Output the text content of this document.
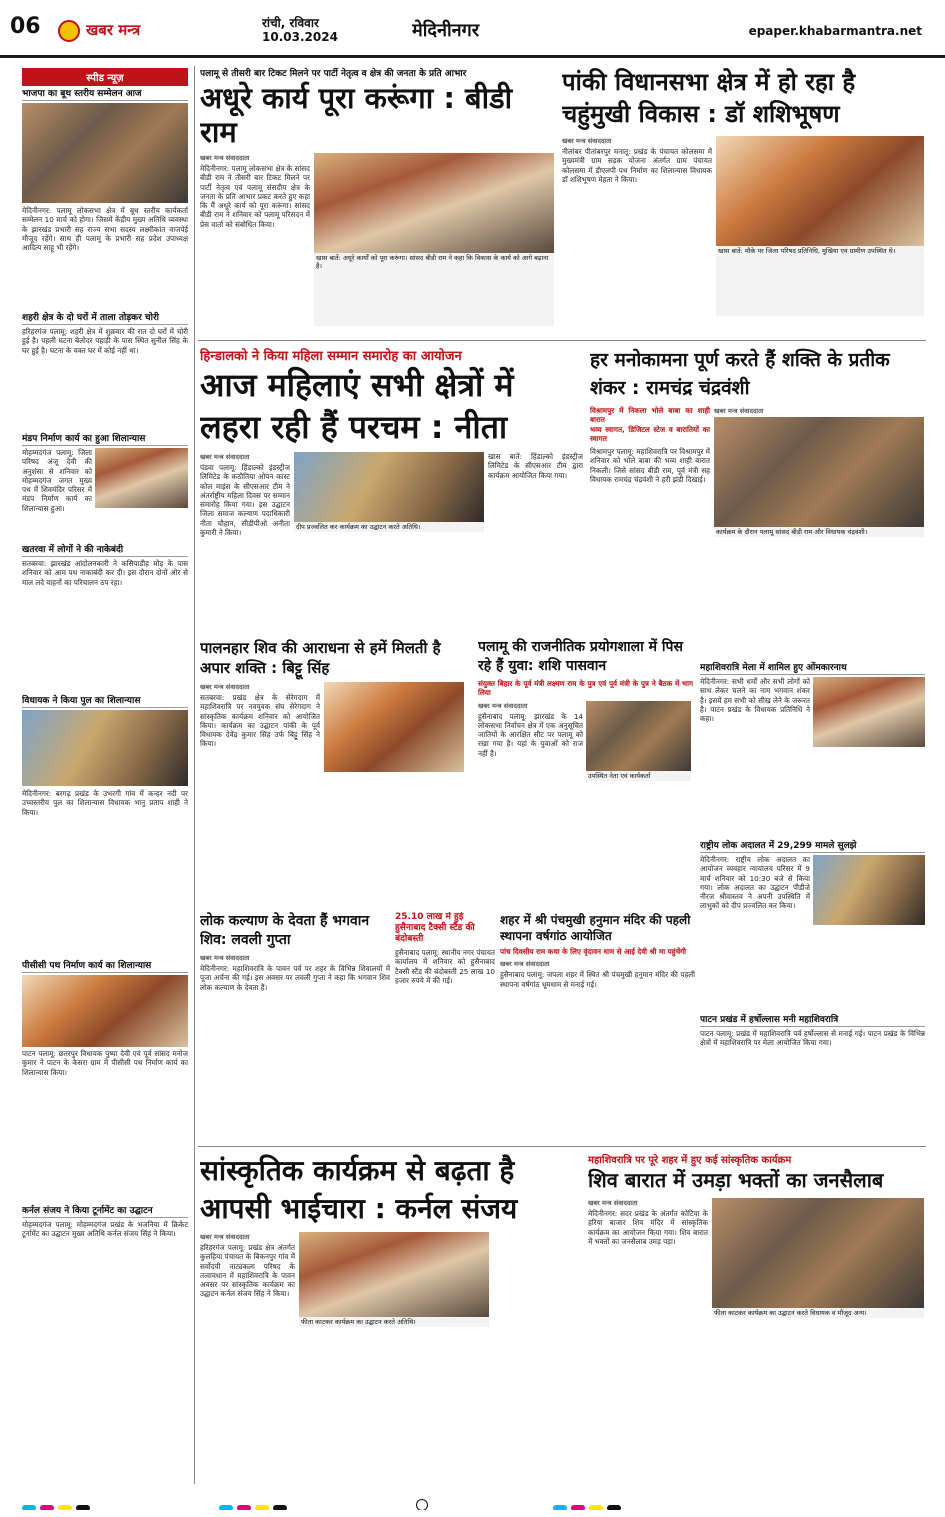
06	खबर मन्त्र	रांची, रविवार
10.03.2024	मेदिनीनगर	epaper.khabarmantra.net
स्पीड न्यूज़
भाजपा का बूथ स्तरीय सम्मेलन आज
मेदिनीनगर: पलामू लोकसभा क्षेत्र में बूथ स्तरीय कार्यकर्ता सम्मेलन 10 मार्च को होगा। जिसमें केंद्रीय मुख्य अतिथि व्यवस्था के झारखंड प्रभारी सह राज्य सभा सदस्य लक्ष्मीकांत वाजपेई मौजूद रहेंगे। साथ ही पलामू के प्रभारी सह प्रदेश उपाध्यक्ष आदित्य साहू भी रहेंगे।
शहरी क्षेत्र के दो घरों में ताला तोड़कर चोरी
हरिहरगंज पलामू: शहरी क्षेत्र में शुक्रवार की रात दो घरों में चोरी हुई है। पहली घटना बेलोदर पहाड़ी के पास स्थित सुनील सिंह के घर हुई है। घटना के वक्त घर में कोई नहीं था।
मंडप निर्माण कार्य का हुआ शिलान्यास
मोहम्मदगंज पलामू: जिला परिषद अंजू देवी की अनुशंसा से शनिवार को मोहम्मदगंज जगत मुख्य पथ में शिवमंदिर परिसर में मंडप निर्माण कार्य का शिलान्यास हुआ।
खतरवा में लोगों ने की नाकेबंदी
सतबरवा: झारखंड आंदोलनकारी ने कसियाडीह मोड़ के पास शनिवार को आम पथ नाकाबंदी कर दी। इस दौरान दोनों ओर से माल लदे वाहनों का परिचालन ठप रहा।
विधायक ने किया पुल का शिलान्यास
मेदिनीनगर: बरगढ़ प्रखंड के उभरगी गांव में कन्हर नदी पर उच्चस्तरीय पुल का शिलान्यास विधायक भानु प्रताप शाही ने किया।
पीसीसी पथ निर्माण कार्य का शिलान्यास
पाटन पलामू: छतरपुर विधायक पुष्पा देवी एवं पूर्व सांसद मनोज कुमार ने पाटन के केसरा ग्राम में पीसीसी पथ निर्माण कार्य का शिलान्यास किया।
कर्नल संजय ने किया टूर्नामेंट का उद्घाटन
मोहम्मदगंज पलामू: मोहम्मदगंज प्रखंड के भजनिया में क्रिकेट टूर्नामेंट का उद्घाटन मुख्य अतिथि कर्नल संजय सिंह ने किया।
पलामू से तीसरी बार टिकट मिलने पर पार्टी नेतृत्व व क्षेत्र की जनता के प्रति आभार
अधूरे कार्य पूरा करूंगा : बीडी राम
खबर मन्त्र संवाददाता
मेदिनीनगर: पलामू लोकसभा क्षेत्र के सांसद बीडी राम ने तीसरी बार टिकट मिलने पर पार्टी नेतृत्व एवं पलामू संसदीय क्षेत्र के जनता के प्रति आभार प्रकट करते हुए कहा कि मैं अधूरे कार्य को पूरा करूंगा। सांसद बीडी राम ने शनिवार को पलामू परिसदन में प्रेस वार्ता को संबोधित किया।
खास बातें: अधूरे कार्यों को पूरा करूंगा। सांसद बीडी राम ने कहा कि विकास के कार्य को आगे बढ़ाना है।
पांकी विधानसभा क्षेत्र में हो रहा है चहुंमुखी विकास : डॉ शशिभूषण
खबर मन्त्र संवाददाता
नीलांबर पीतांबरपुर मनातू: प्रखंड के पंचायत कोलसमा में मुख्यमंत्री ग्राम सड़क योजना अंतर्गत ग्राम पंचायत कोलसमा में डीएलपी पथ निर्माण का शिलान्यास विधायक डॉ शशिभूषण मेहता ने किया।
खास बातें: मौके पर जिला परिषद प्रतिनिधि, मुखिया एवं ग्रामीण उपस्थित थे।
हिन्डालको ने किया महिला सम्मान समारोह का आयोजन
आज महिलाएं सभी क्षेत्रों में
लहरा रही हैं परचम : नीता
खबर मन्त्र संवाददाता
पंडवा पलामू: हिंडाल्को इंडस्ट्रीज लिमिटेड के कठौतिया ओपन कास्ट कोल माइंस के सीएसआर टीम ने अंतर्राष्ट्रीय महिला दिवस पर सम्मान समारोह किया गया। इस उद्घाटन जिला समाज कल्याण पदाधिकारी नीता चौहान, सीडीपीओ अनीता कुमारी ने किया।
दीप प्रज्वलित कर कार्यक्रम का उद्घाटन करते अतिथि।
खास बातें: हिंडाल्को इंडस्ट्रीज लिमिटेड के सीएसआर टीम द्वारा कार्यक्रम आयोजित किया गया।
हर मनोकामना पूर्ण करते हैं शक्ति के प्रतीक शंकर : रामचंद्र चंद्रवंशी
विश्रामपुर में निकला भोले बाबा का शाही बारात
भव्य स्वागत, डिजिटल स्टेज व बारातियों का स्वागत
विश्रामपुर पलामू: महाशिवरात्रि पर विश्रामपुर में शनिवार को भोले बाबा की भव्य शाही बारात निकली। जिसे सांसद बीडी राम, पूर्व मंत्री सह विधायक रामचंद्र चंद्रवंशी ने हरी झंडी दिखाई।
खबर मन्त्र संवाददाता
कार्यक्रम के दौरान पलामू सांसद बीडी राम और विधायक चंद्रवंशी।
महाशिवरात्रि मेला में शामिल हुए ओंमकारनाथ
मेदिनीनगर: सभी धर्मों और सभी लोगों को साथ लेकर चलने का नाम भगवान शंकर है। इसमें हम सभी को सीख लेने के जरूरत है। पाटन प्रखंड के विधायक प्रतिनिधि ने कहा।
राष्ट्रीय लोक अदालत में 29,299 मामले सुलझे
मेदिनीनगर: राष्ट्रीय लोक अदालत का आयोजन व्यवहार न्यायालय परिसर में 9 मार्च शनिवार को 10:30 बजे से किया गया। लोक अदालत का उद्घाटन पीडीजे नीरज श्रीवास्तव ने अपनी उपस्थिति में लाभुकों को दीप प्रज्वलित कर किया।
पाटन प्रखंड में हर्षोल्लास मनी महाशिवरात्रि
पाटन पलामू: प्रखंड में महाशिवरात्रि पर्व हर्षोल्लास से मनाई गई। पाटन प्रखंड के विभिन्न क्षेत्रों में महाशिवरात्रि पर मेला आयोजित किया गया।
पालनहार शिव की आराधना से हमें मिलती है अपार शक्ति : बिट्टू सिंह
खबर मन्त्र संवाददाता
सतबरवा: प्रखंड क्षेत्र के सेरेगदाग में महाशिवरात्रि पर नवयुवक संघ सेरेगदाग ने सांस्कृतिक कार्यक्रम शनिवार को आयोजित किया। कार्यक्रम का उद्घाटन पांकी के पूर्व विधायक देवेंद्र कुमार सिंह उर्फ बिट्टू सिंह ने किया।
पलामू की राजनीतिक प्रयोगशाला में पिस रहे हैं युवा: शशि पासवान
संयुक्त बिहार के पूर्व मंत्री लक्ष्मण राम के पुत्र एवं पूर्व मंत्री के पुत्र ने बैठक में भाग लिया
खबर मन्त्र संवाददाता
हुसैनाबाद पलामू: झारखंड के 14 लोकसभा निर्वाचन क्षेत्र में एक अनुसूचित जातियों के आरक्षित सीट पर पलामू को रखा गया है। यहां के युवाओं को राज नहीं है।
उपस्थित नेता एवं कार्यकर्ता
लोक कल्याण के देवता हैं भगवान शिव: लवली गुप्ता
खबर मन्त्र संवाददाता
मेदिनीनगर: महाशिवरात्रि के पावन पर्व पर शहर के विभिन्न शिवालयों में पूजा अर्चना की गई। इस अवसर पर लवली गुप्ता ने कहा कि भगवान शिव लोक कल्याण के देवता हैं।
25.10 लाख में हुई हुसैनाबाद टैक्सी स्टैंड की बंदोबस्ती
हुसैनाबाद पलामू: स्थानीय नगर पंचायत कार्यालय में शनिवार को हुसैनाबाद टैक्सी स्टैंड की बंदोबस्ती 25 लाख 10 हजार रुपये में की गई।
शहर में श्री पंचमुखी हनुमान मंदिर की पहली स्थापना वर्षगांठ आयोजित
पांच दिवसीय राम कथा के लिए वृंदावन धाम से आई देवी श्री मा पहुंचेंगी
खबर मन्त्र संवाददाता
हुसैनाबाद पलामू: जपला शहर में स्थित श्री पंचमुखी हनुमान मंदिर की पहली स्थापना वर्षगांठ धूमधाम से मनाई गई।
सांस्कृतिक कार्यक्रम से बढ़ता है
आपसी भाईचारा : कर्नल संजय
खबर मन्त्र संवाददाता
हरिहरगंज पलामू: प्रखंड क्षेत्र अंतर्गत कुलहिया पंचायत के बिकनपुर गांव में सर्वोदयी नाट्यकला परिषद के तत्वावधान में महाशिवरात्रि के पावन अवसर पर सांस्कृतिक कार्यक्रम का उद्घाटन कर्नल संजय सिंह ने किया।
फीता काटकर कार्यक्रम का उद्घाटन करते अतिथि।
महाशिवरात्रि पर पूरे शहर में हुए कई सांस्कृतिक कार्यक्रम
शिव बारात में उमड़ा भक्तों का जनसैलाब
खबर मन्त्र संवाददाता
मेदिनीनगर: सदर प्रखंड के अंतर्गत कोटिया के हरिया बाजार शिव मंदिर में सांस्कृतिक कार्यक्रम का आयोजन किया गया। शिव बारात में भक्तों का जनसैलाब उमड़ पड़ा।
फीता काटकर कार्यक्रम का उद्घाटन करते विधायक व मौजूद अन्य।
